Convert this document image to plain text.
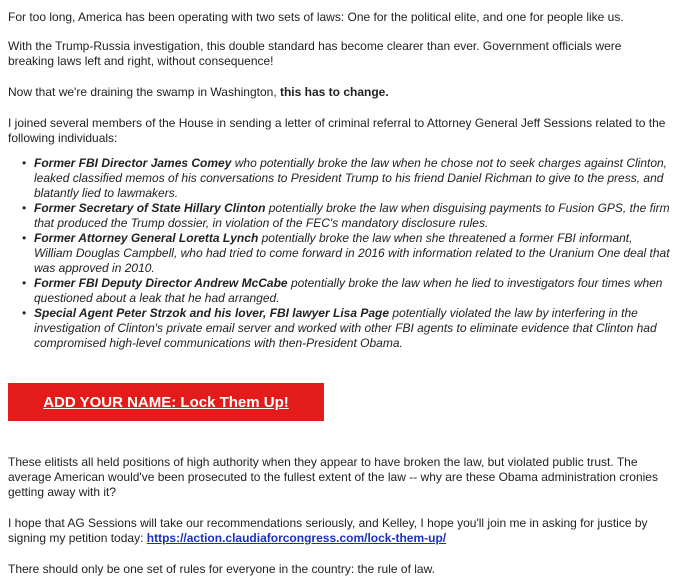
For too long, America has been operating with two sets of laws: One for the political elite, and one for people like us.

With the Trump-Russia investigation, this double standard has become clearer than ever. Government officials were breaking laws left and right, without consequence!

Now that we're draining the swamp in Washington, this has to change.

I joined several members of the House in sending a letter of criminal referral to Attorney General Jeff Sessions related to the following individuals:

• Former FBI Director James Comey who potentially broke the law when he chose not to seek charges against Clinton, leaked classified memos of his conversations to President Trump to his friend Daniel Richman to give to the press, and blatantly lied to lawmakers.
• Former Secretary of State Hillary Clinton potentially broke the law when disguising payments to Fusion GPS, the firm that produced the Trump dossier, in violation of the FEC's mandatory disclosure rules.
• Former Attorney General Loretta Lynch potentially broke the law when she threatened a former FBI informant, William Douglas Campbell, who had tried to come forward in 2016 with information related to the Uranium One deal that was approved in 2010.
• Former FBI Deputy Director Andrew McCabe potentially broke the law when he lied to investigators four times when questioned about a leak that he had arranged.
• Special Agent Peter Strzok and his lover, FBI lawyer Lisa Page potentially violated the law by interfering in the investigation of Clinton's private email server and worked with other FBI agents to eliminate evidence that Clinton had compromised high-level communications with then-President Obama.
ADD YOUR NAME: Lock Them Up!

These elitists all held positions of high authority when they appear to have broken the law, but violated public trust. The average American would've been prosecuted to the fullest extent of the law -- why are these Obama administration cronies getting away with it?

I hope that AG Sessions will take our recommendations seriously, and Kelley, I hope you'll join me in asking for justice by signing my petition today: https://action.claudiaforcongress.com/lock-them-up/

There should only be one set of rules for everyone in the country: the rule of law.
